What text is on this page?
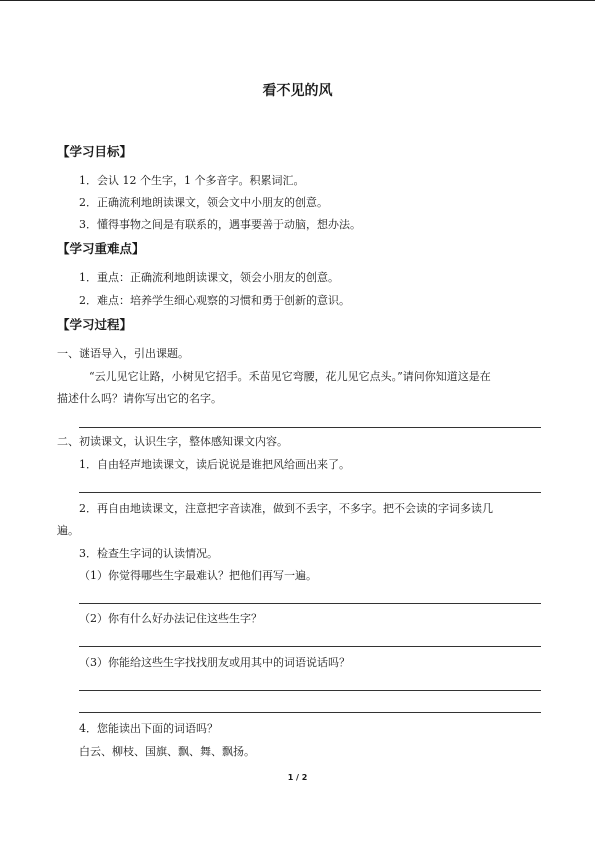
看不见的风
【学习目标】
1．会认 12 个生字，1 个多音字。积累词汇。
2．正确流利地朗读课文，领会文中小朋友的创意。
3．懂得事物之间是有联系的，遇事要善于动脑，想办法。
【学习重难点】
1．重点：正确流利地朗读课文，领会小朋友的创意。
2．难点：培养学生细心观察的习惯和勇于创新的意识。
【学习过程】
一、谜语导入，引出课题。
“云儿见它让路，小树见它招手。禾苗见它弯腰，花儿见它点头。”请问你知道这是在
描述什么吗？请你写出它的名字。
二、初读课文，认识生字，整体感知课文内容。
1．自由轻声地读课文，读后说说是谁把风给画出来了。
2．再自由地读课文，注意把字音读准，做到不丢字，不多字。把不会读的字词多读几
遍。
3．检查生字词的认读情况。
（1）你觉得哪些生字最难认？把他们再写一遍。
（2）你有什么好办法记住这些生字？
（3）你能给这些生字找找朋友或用其中的词语说话吗？
4．您能读出下面的词语吗？
白云、柳枝、国旗、飘、舞、飘扬。
1 / 2
